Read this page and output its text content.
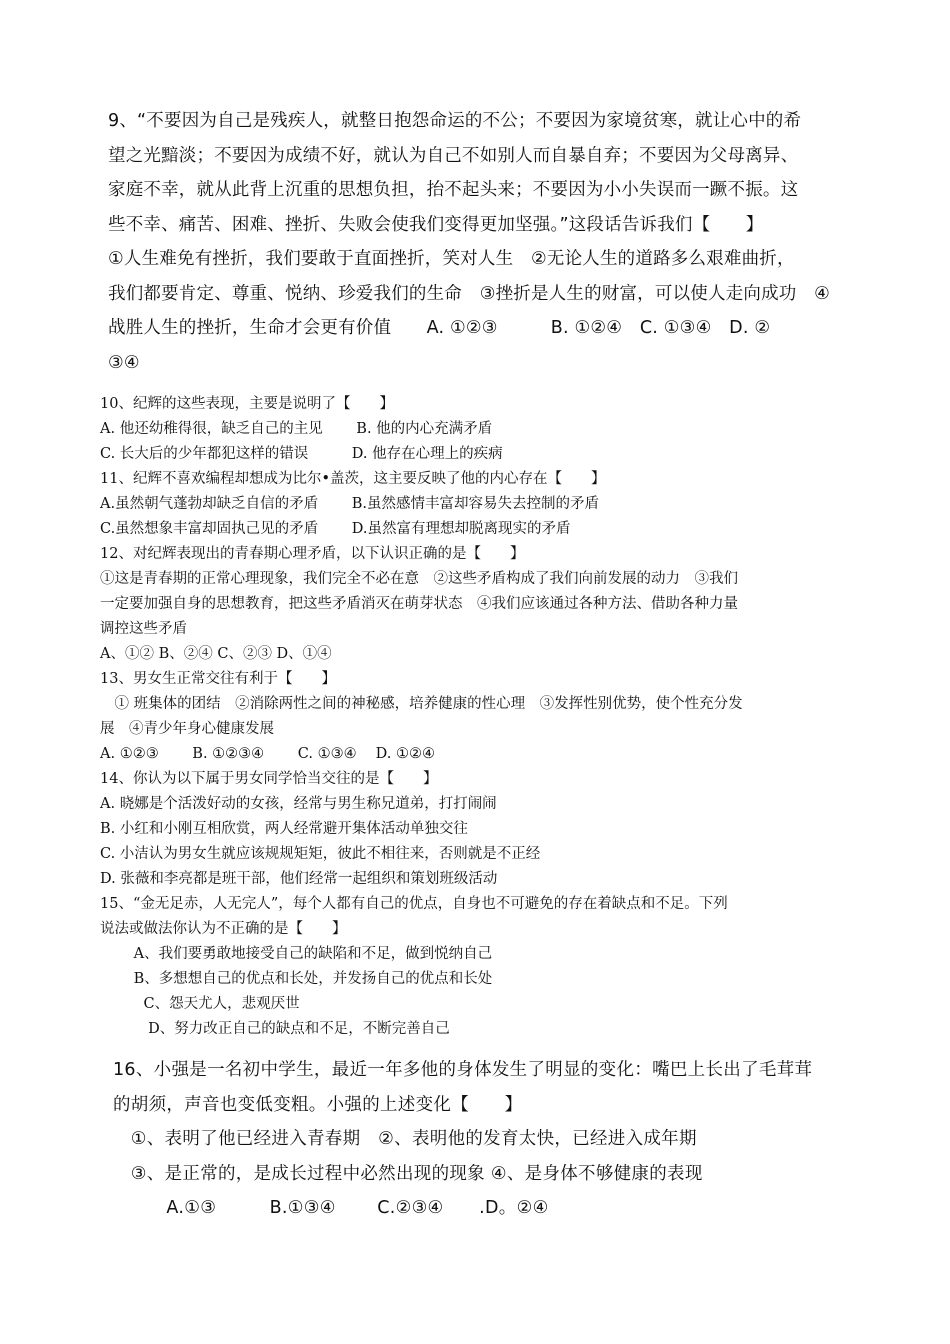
9、“不要因为自己是残疾人，就整日抱怨命运的不公；不要因为家境贫寒，就让心中的希
望之光黯淡；不要因为成绩不好，就认为自己不如别人而自暴自弃；不要因为父母离异、
家庭不幸，就从此背上沉重的思想负担，抬不起头来；不要因为小小失误而一蹶不振。这
些不幸、痛苦、困难、挫折、失败会使我们变得更加坚强。”这段话告诉我们【　　】
①人生难免有挫折，我们要敢于直面挫折，笑对人生　②无论人生的道路多么艰难曲折，
我们都要肯定、尊重、悦纳、珍爱我们的生命　③挫折是人生的财富，可以使人走向成功　④
战胜人生的挫折，生命才会更有价值　　A. ①②③　　　B. ①②④　C. ①③④　D. ②
③④
10、纪辉的这些表现，主要是说明了【　　】
A. 他还幼稚得很，缺乏自己的主见　　 B. 他的内心充满矛盾
C. 长大后的少年都犯这样的错误　　　D. 他存在心理上的疾病
11、纪辉不喜欢编程却想成为比尔•盖茨，这主要反映了他的内心存在【　　】
A.虽然朝气蓬勃却缺乏自信的矛盾　　 B.虽然感情丰富却容易失去控制的矛盾
C.虽然想象丰富却固执己见的矛盾　　 D.虽然富有理想却脱离现实的矛盾
12、对纪辉表现出的青春期心理矛盾，以下认识正确的是【　　】
①这是青春期的正常心理现象，我们完全不必在意　②这些矛盾构成了我们向前发展的动力　③我们
一定要加强自身的思想教育，把这些矛盾消灭在萌芽状态　④我们应该通过各种方法、借助各种力量
调控这些矛盾
A、①② B、②④ C、②③ D、①④
13、男女生正常交往有利于【　　】
　① 班集体的团结　②消除两性之间的神秘感，培养健康的性心理　③发挥性别优势，使个性充分发
展　④青少年身心健康发展
A. ①②③　　 B. ①②③④　　 C. ①③④　 D. ①②④
14、你认为以下属于男女同学恰当交往的是【　　】
A. 晓娜是个活泼好动的女孩，经常与男生称兄道弟，打打闹闹
B. 小红和小刚互相欣赏，两人经常避开集体活动单独交往
C. 小洁认为男女生就应该规规矩矩，彼此不相往来，否则就是不正经
D. 张薇和李亮都是班干部，他们经常一起组织和策划班级活动
15、“金无足赤，人无完人”，每个人都有自己的优点，自身也不可避免的存在着缺点和不足。下列
说法或做法你认为不正确的是【　　】
　　 A、我们要勇敢地接受自己的缺陷和不足，做到悦纳自己
　　 B、多想想自己的优点和长处，并发扬自己的优点和长处
　　　C、怨天尤人，悲观厌世
　　　 D、努力改正自己的缺点和不足，不断完善自己
16、小强是一名初中学生，最近一年多他的身体发生了明显的变化：嘴巴上长出了毛茸茸
的胡须，声音也变低变粗。小强的上述变化【　　】
　①、表明了他已经进入青春期　②、表明他的发育太快，已经进入成年期
　③、是正常的，是成长过程中必然出现的现象 ④、是身体不够健康的表现
　　　A.①③　　　B.①③④　　 C.②③④　　.D。②④
